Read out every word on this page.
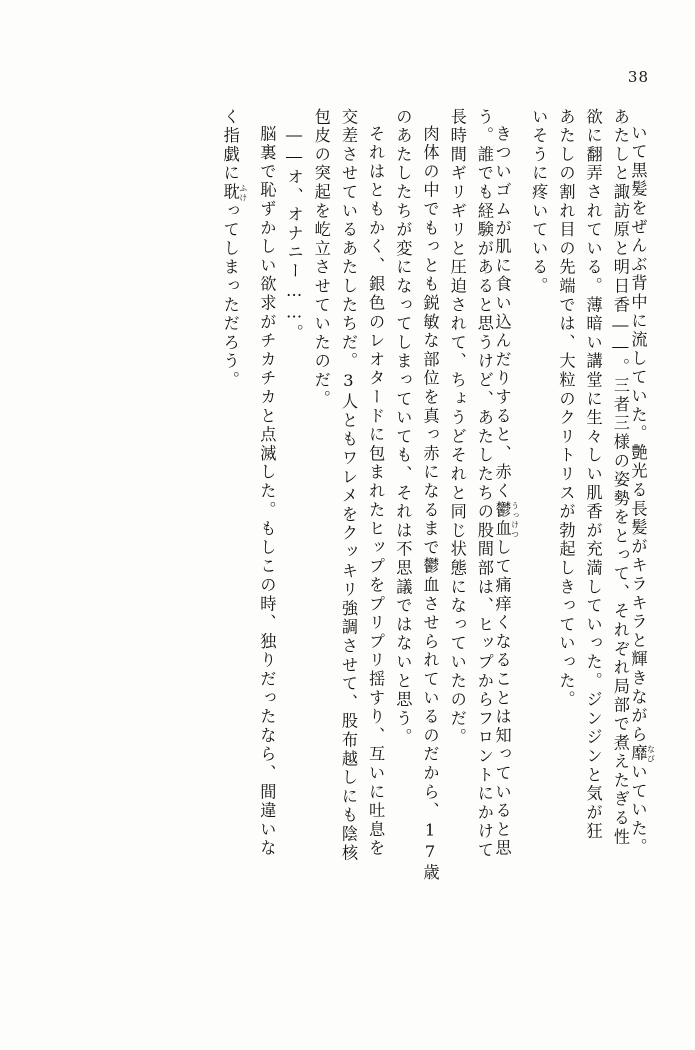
38
いて黒髪をぜんぶ背中に流していた。艶光る長髪がキラキラと輝きながら靡 なびいていた。
あたしと諏訪原と明日香――。三者三様の姿勢をとって、それぞれ局部で煮えたぎる性
欲に翻弄されている。薄暗い講堂に生々しい肌香が充満していった。ジンジンと気が狂
あたしの割れ目の先端では、大粒のクリトリスが勃起しきっていった。
いそうに疼いている。
きついゴムが肌に食い込んだりすると、赤く鬱血 うっけつして痛痒くなることは知っていると思
う。誰でも経験があると思うけど、あたしたちの股間部は、ヒップからフロントにかけて
長時間ギリギリと圧迫されて、ちょうどそれと同じ状態になっていたのだ。
肉体の中でもっとも鋭敏な部位を真っ赤になるまで鬱血させられているのだから、17歳
のあたしたちが変になってしまっていても、それは不思議ではないと思う。
それはともかく、銀色のレオタードに包まれたヒップをプリプリ揺すり、互いに吐息を
交差させているあたしたちだ。3人ともワレメをクッキリ強調させて、股布越しにも陰核
包皮の突起を屹立させていたのだ。
――オ、オナニー……。
脳裏で恥ずかしい欲求がチカチカと点滅した。もしこの時、独りだったなら、間違いな
く指戯に耽 ふけってしまっただろう。
